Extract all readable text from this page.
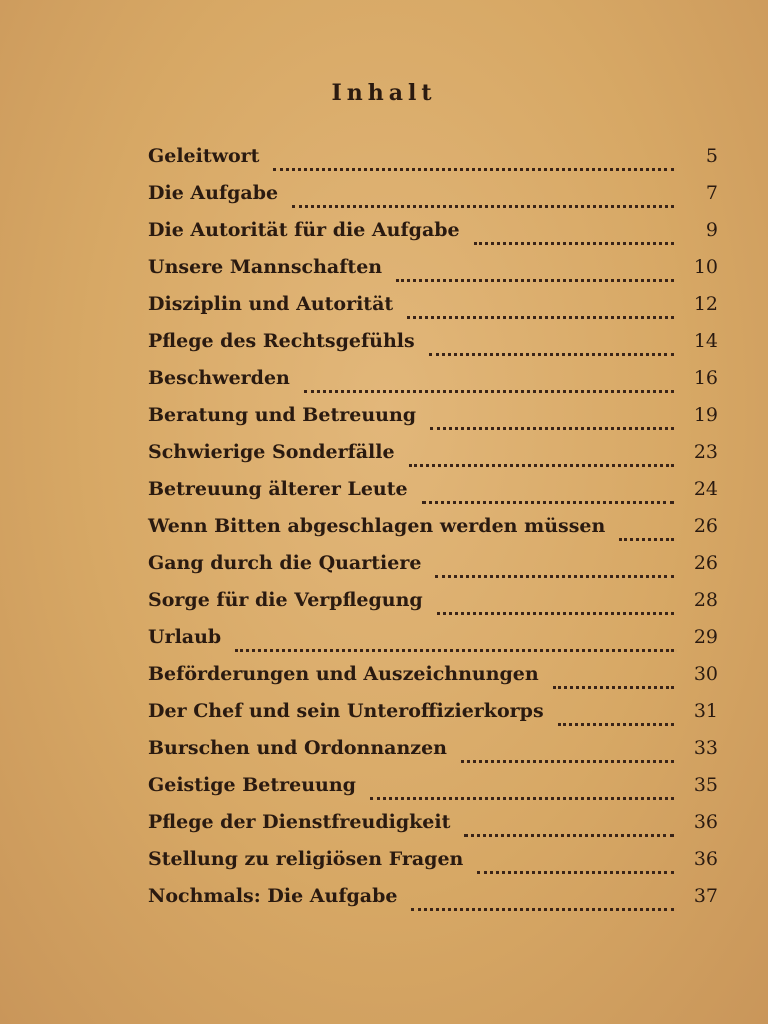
Inhalt
Geleitwort	5
Die Aufgabe	7
Die Autorität für die Aufgabe	9
Unsere Mannschaften	10
Disziplin und Autorität	12
Pflege des Rechtsgefühls	14
Beschwerden	16
Beratung und Betreuung	19
Schwierige Sonderfälle	23
Betreuung älterer Leute	24
Wenn Bitten abgeschlagen werden müssen	26
Gang durch die Quartiere	26
Sorge für die Verpflegung	28
Urlaub	29
Beförderungen und Auszeichnungen	30
Der Chef und sein Unteroffizierkorps	31
Burschen und Ordonnanzen	33
Geistige Betreuung	35
Pflege der Dienstfreudigkeit	36
Stellung zu religiösen Fragen	36
Nochmals: Die Aufgabe	37
